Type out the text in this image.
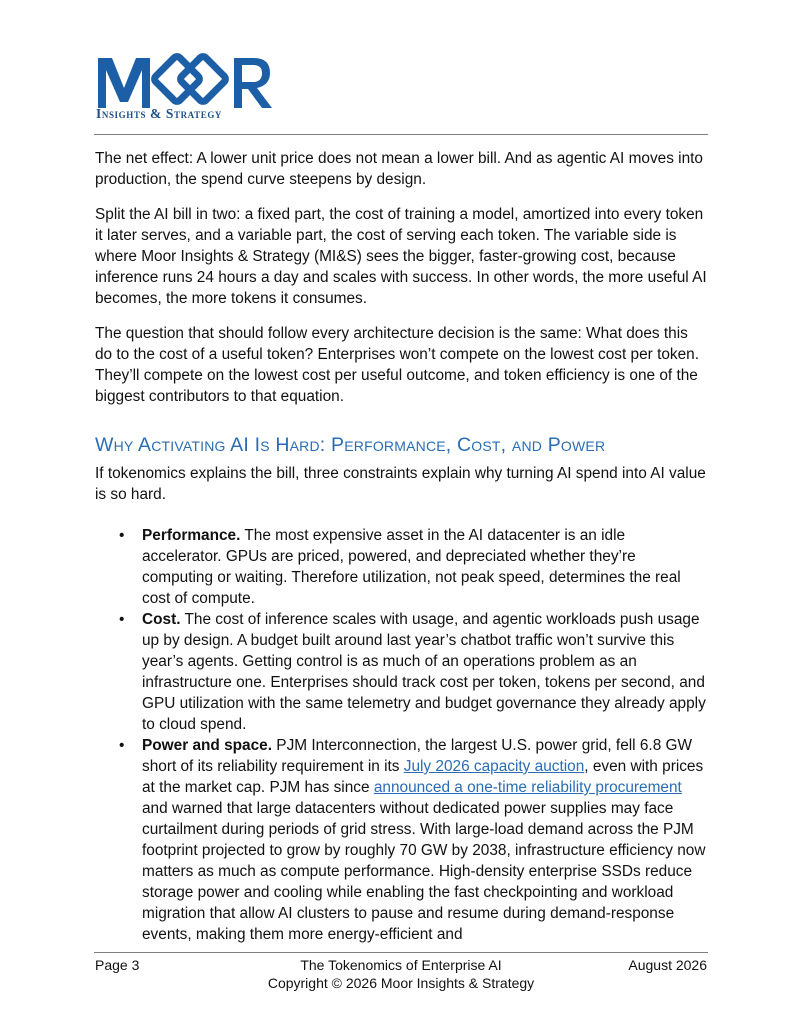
Insights & Strategy

The net effect: A lower unit price does not mean a lower bill. And as agentic AI moves into production, the spend curve steepens by design.

Split the AI bill in two: a fixed part, the cost of training a model, amortized into every token it later serves, and a variable part, the cost of serving each token. The variable side is where Moor Insights & Strategy (MI&S) sees the bigger, faster-growing cost, because inference runs 24 hours a day and scales with success. In other words, the more useful AI becomes, the more tokens it consumes.

The question that should follow every architecture decision is the same: What does this do to the cost of a useful token? Enterprises won’t compete on the lowest cost per token. They’ll compete on the lowest cost per useful outcome, and token efficiency is one of the biggest contributors to that equation.

Why Activating AI Is Hard: Performance, Cost, and Power

If tokenomics explains the bill, three constraints explain why turning AI spend into AI value is so hard.

• Performance. The most expensive asset in the AI datacenter is an idle accelerator. GPUs are priced, powered, and depreciated whether they’re computing or waiting. Therefore utilization, not peak speed, determines the real cost of compute.
• Cost. The cost of inference scales with usage, and agentic workloads push usage up by design. A budget built around last year’s chatbot traffic won’t survive this year’s agents. Getting control is as much of an operations problem as an infrastructure one. Enterprises should track cost per token, tokens per second, and GPU utilization with the same telemetry and budget governance they already apply to cloud spend.
• Power and space. PJM Interconnection, the largest U.S. power grid, fell 6.8 GW short of its reliability requirement in its July 2026 capacity auction, even with prices at the market cap. PJM has since announced a one-time reliability procurement and warned that large datacenters without dedicated power supplies may face curtailment during periods of grid stress. With large-load demand across the PJM footprint projected to grow by roughly 70 GW by 2038, infrastructure efficiency now matters as much as compute performance. High-density enterprise SSDs reduce storage power and cooling while enabling the fast checkpointing and workload migration that allow AI clusters to pause and resume during demand-response events, making them more energy-efficient and
Page 3	August 2026
The Tokenomics of Enterprise AI
Copyright © 2026 Moor Insights & Strategy
